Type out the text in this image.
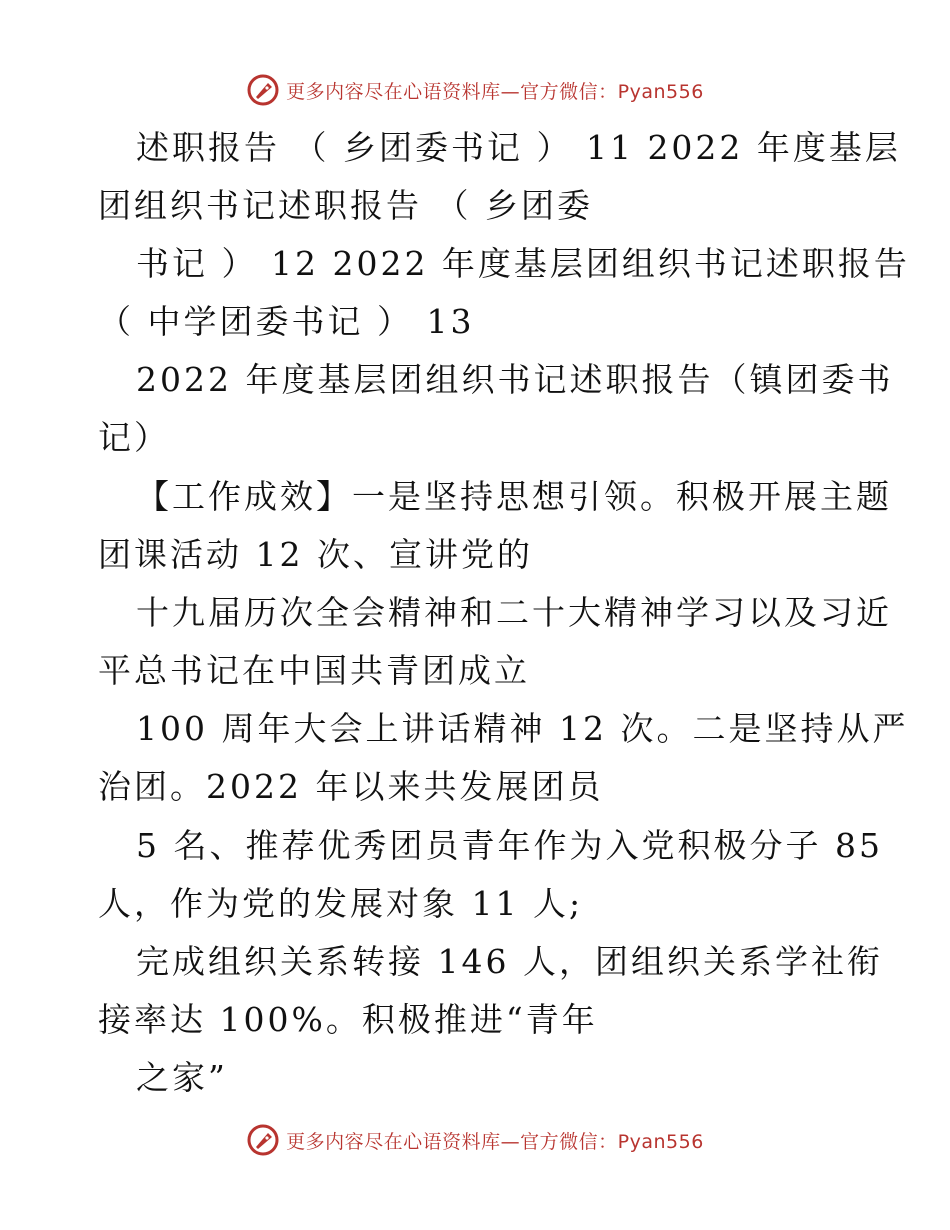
更多内容尽在心语资料库—官方微信：Pyan556
述职报告 （ 乡团委书记 ） 11 2022 年度基层
团组织书记述职报告 （ 乡团委
书记 ） 12 2022 年度基层团组织书记述职报告
（ 中学团委书记 ） 13
2022 年度基层团组织书记述职报告（镇团委书
记）
【工作成效】一是坚持思想引领。积极开展主题
团课活动 12 次、宣讲党的
十九届历次全会精神和二十大精神学习以及习近
平总书记在中国共青团成立
100 周年大会上讲话精神 12 次。二是坚持从严
治团。2022 年以来共发展团员
5 名、推荐优秀团员青年作为入党积极分子 85
人，作为党的发展对象 11 人;
完成组织关系转接 146 人，团组织关系学社衔
接率达 100%。积极推进“青年
之家”
更多内容尽在心语资料库—官方微信：Pyan556
